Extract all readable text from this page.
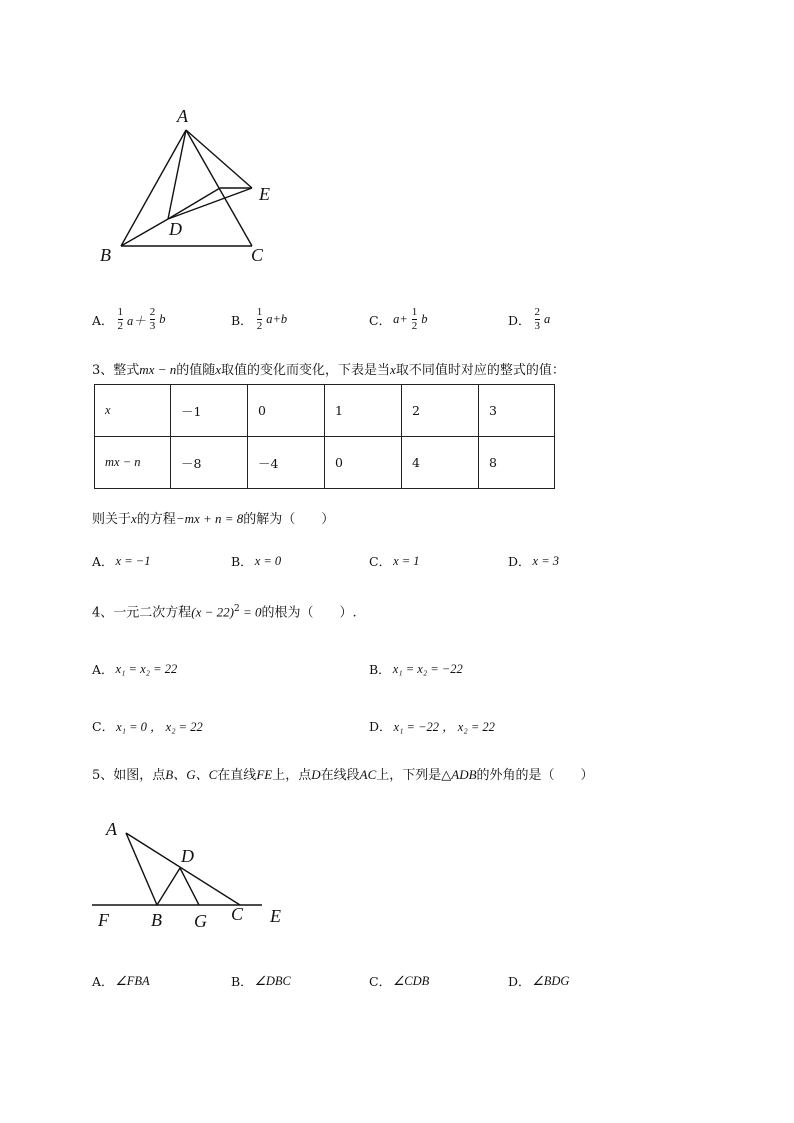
A
E
D
B	C
A． $\frac{1}{2} a+ \frac{2}{3}$ b	B． $\frac{1}{2} a+b$	C． $a+ \frac{1}{2}$ b	D． $\frac{2}{3}$ a
3、整式mx − n的值随x取值的变化而变化，下表是当x取不同值时对应的整式的值：
x	－1	0	1	2	3
mx − n	－8	－4	0	4	8
则关于x的方程−mx + n = 8的解为（　　）
A． x = −1	B． x = 0	C． x = 1	D． x = 3
4、一元二次方程$(x - 22)^2 = 0$的根为（　　）.
A． x₁ = x₂ = 22	B． x₁ = x₂ = −22
C． x₁ = 0 ， x₂ = 22	D． x₁ = −22 ， x₂ = 22
5、如图，点B、G、C在直线FE上，点D在线段AC上，下列是△ADB的外角的是（　　）
A
D
F B G C E
A． ∠FBA	B． ∠DBC	C． ∠CDB	D． ∠BDG
